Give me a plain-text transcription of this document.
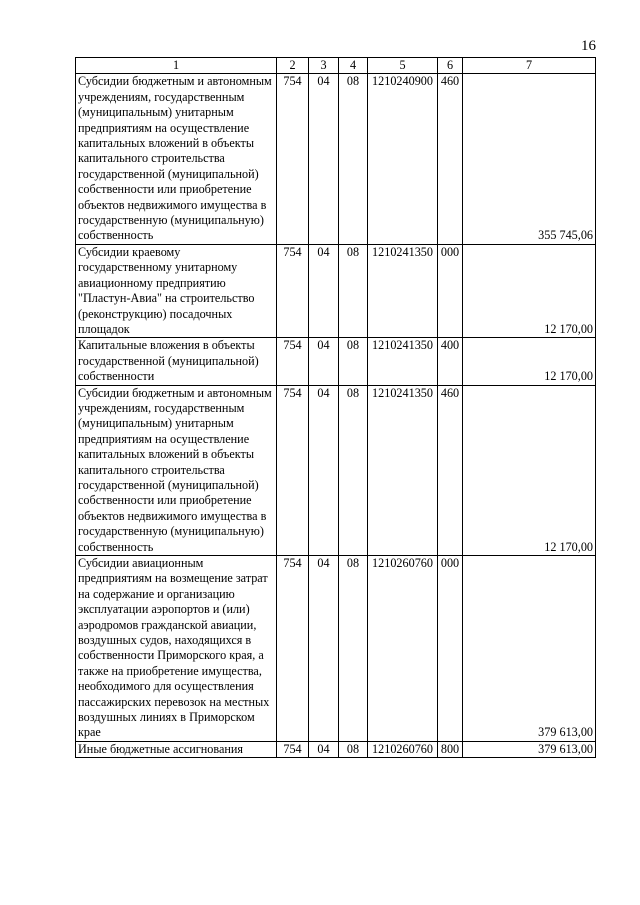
16
1	2	3	4	5	6	7
Субсидии бюджетным и автономным учреждениям, государственным (муниципальным) унитарным предприятиям на осуществление капитальных вложений в объекты капитального строительства государственной (муниципальной) собственности или приобретение объектов недвижимого имущества в государственную (муниципальную) собственность	754	04	08	1210240900	460	355 745,06
Субсидии краевому государственному унитарному авиационному предприятию "Пластун-Авиа" на строительство (реконструкцию) посадочных площадок	754	04	08	1210241350	000	12 170,00
Капитальные вложения в объекты государственной (муниципальной) собственности	754	04	08	1210241350	400	12 170,00
Субсидии бюджетным и автономным учреждениям, государственным (муниципальным) унитарным предприятиям на осуществление капитальных вложений в объекты капитального строительства государственной (муниципальной) собственности или приобретение объектов недвижимого имущества в государственную (муниципальную) собственность	754	04	08	1210241350	460	12 170,00
Субсидии авиационным предприятиям на возмещение затрат на содержание и организацию эксплуатации аэропортов и (или) аэродромов гражданской авиации, воздушных судов, находящихся в собственности Приморского края, а также на приобретение имущества, необходимого для осуществления пассажирских перевозок на местных воздушных линиях в Приморском крае	754	04	08	1210260760	000	379 613,00
Иные бюджетные ассигнования	754	04	08	1210260760	800	379 613,00
